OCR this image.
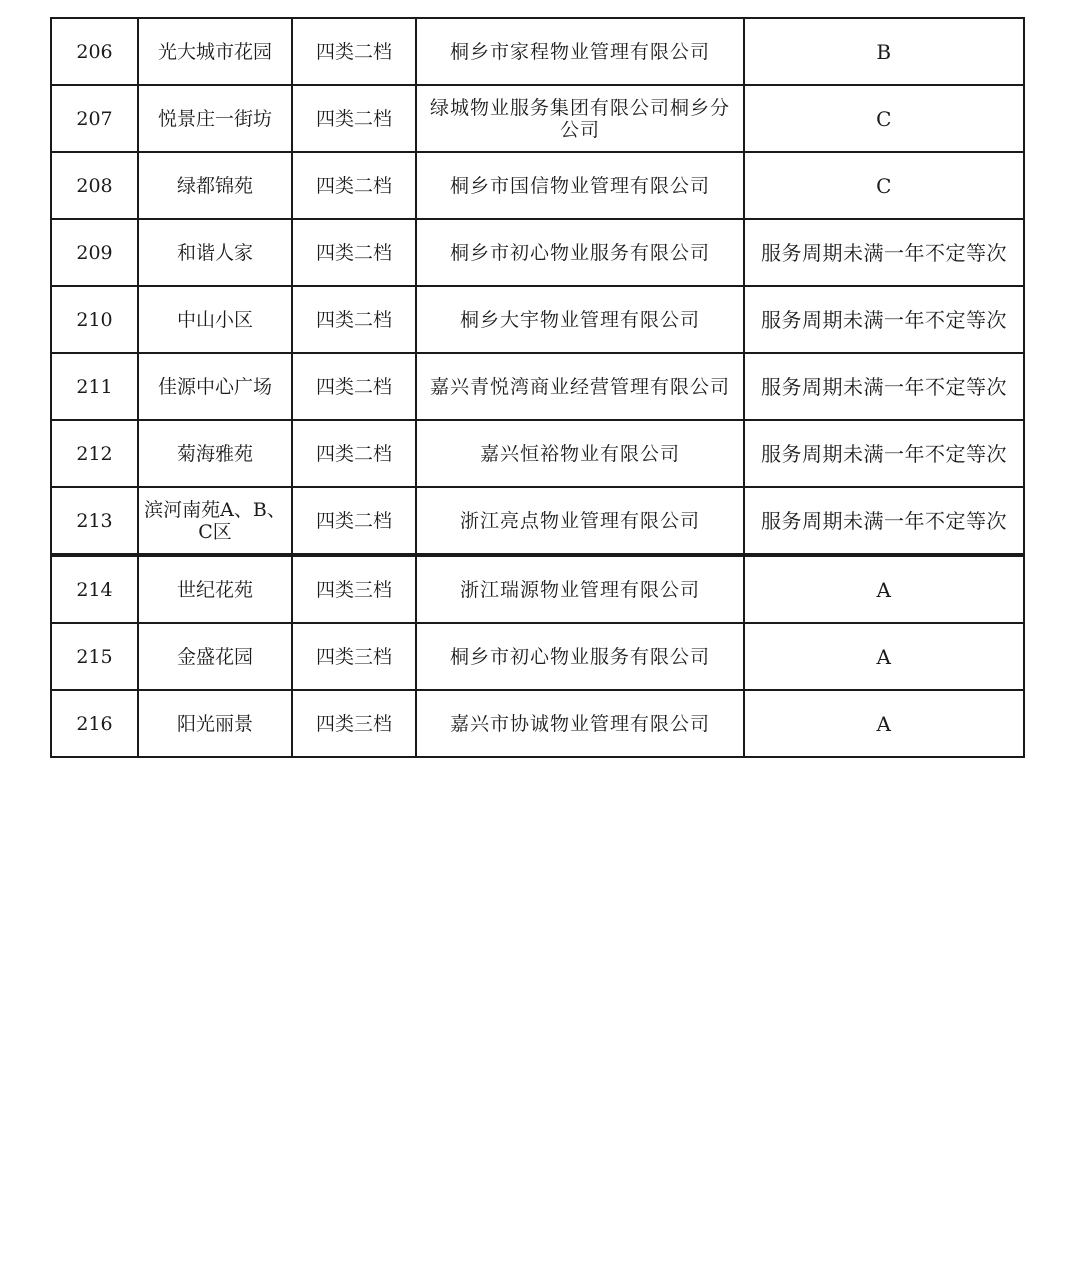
206	光大城市花园	四类二档	桐乡市家程物业管理有限公司	B
207	悦景庄一街坊	四类二档	绿城物业服务集团有限公司桐乡分公司	C
208	绿都锦苑	四类二档	桐乡市国信物业管理有限公司	C
209	和谐人家	四类二档	桐乡市初心物业服务有限公司	服务周期未满一年不定等次
210	中山小区	四类二档	桐乡大宇物业管理有限公司	服务周期未满一年不定等次
211	佳源中心广场	四类二档	嘉兴青悦湾商业经营管理有限公司	服务周期未满一年不定等次
212	菊海雅苑	四类二档	嘉兴恒裕物业有限公司	服务周期未满一年不定等次
213	滨河南苑A、B、C区	四类二档	浙江亮点物业管理有限公司	服务周期未满一年不定等次
214	世纪花苑	四类三档	浙江瑞源物业管理有限公司	A
215	金盛花园	四类三档	桐乡市初心物业服务有限公司	A
216	阳光丽景	四类三档	嘉兴市协诚物业管理有限公司	A
